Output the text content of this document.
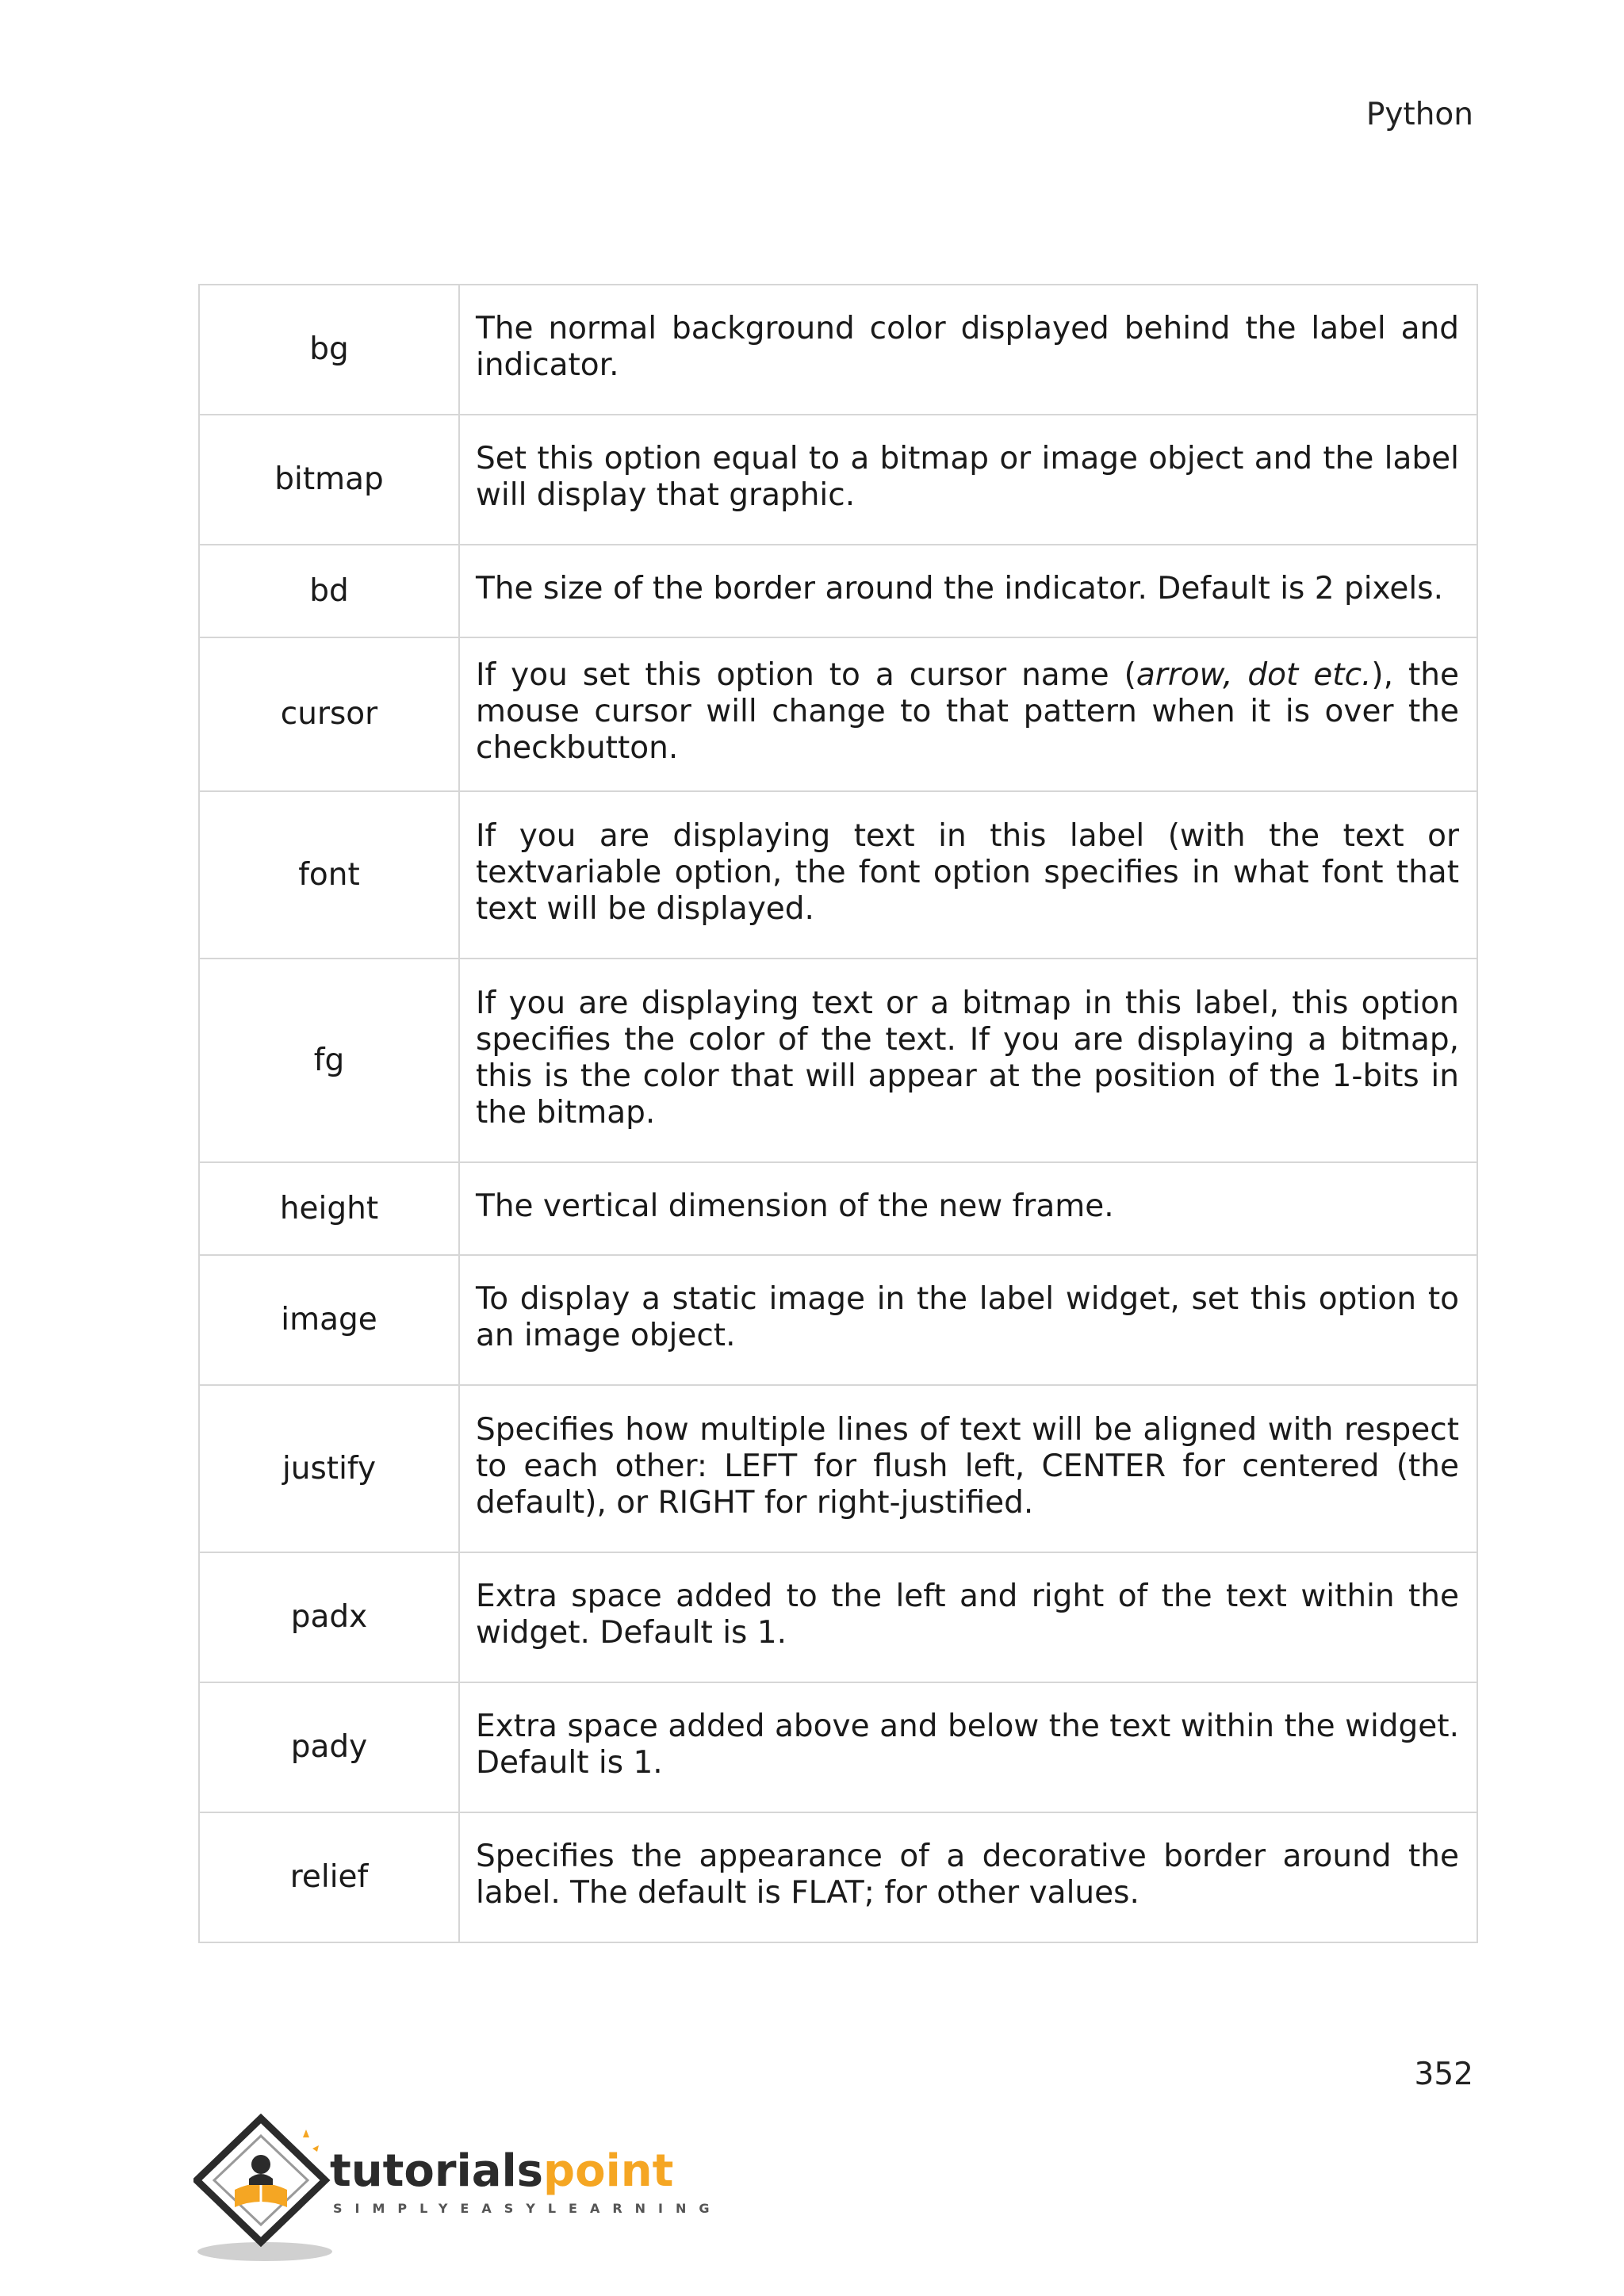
Python
bg	The normal background color displayed behind the label and indicator.
bitmap	Set this option equal to a bitmap or image object and the label will display that graphic.
bd	The size of the border around the indicator. Default is 2 pixels.
cursor	If you set this option to a cursor name (arrow, dot etc.), the mouse cursor will change to that pattern when it is over the checkbutton.
font	If you are displaying text in this label (with the text or textvariable option, the font option specifies in what font that text will be displayed.
fg	If you are displaying text or a bitmap in this label, this option specifies the color of the text. If you are displaying a bitmap, this is the color that will appear at the position of the 1-bits in the bitmap.
height	The vertical dimension of the new frame.
image	To display a static image in the label widget, set this option to an image object.
justify	Specifies how multiple lines of text will be aligned with respect to each other: LEFT for flush left, CENTER for centered (the default), or RIGHT for right-justified.
padx	Extra space added to the left and right of the text within the widget. Default is 1.
pady	Extra space added above and below the text within the widget. Default is 1.
relief	Specifies the appearance of a decorative border around the label. The default is FLAT; for other values.
352
tutorialspoint
SIMPLYEASYLEARNING
